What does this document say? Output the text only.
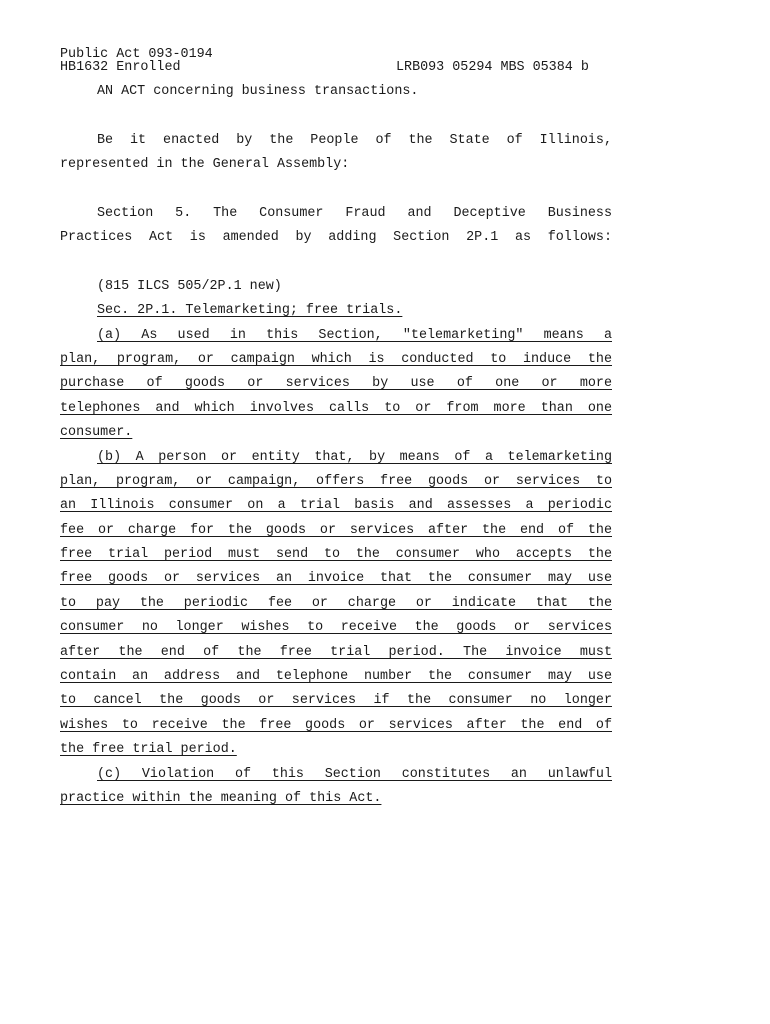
Public Act 093-0194
HB1632 Enrolled	LRB093 05294 MBS 05384 b
AN ACT concerning business transactions.
Be it enacted by the People of the State of Illinois,
represented in the General Assembly:
Section 5. The Consumer Fraud and Deceptive Business
Practices Act is amended by adding Section 2P.1 as follows:
(815 ILCS 505/2P.1 new)
Sec. 2P.1. Telemarketing; free trials.
(a) As used in this Section, "telemarketing" means a
plan, program, or campaign which is conducted to induce the
purchase of goods or services by use of one or more
telephones and which involves calls to or from more than one
consumer.
(b) A person or entity that, by means of a telemarketing
plan, program, or campaign, offers free goods or services to
an Illinois consumer on a trial basis and assesses a periodic
fee or charge for the goods or services after the end of the
free trial period must send to the consumer who accepts the
free goods or services an invoice that the consumer may use
to pay the periodic fee or charge or indicate that the
consumer no longer wishes to receive the goods or services
after the end of the free trial period. The invoice must
contain an address and telephone number the consumer may use
to cancel the goods or services if the consumer no longer
wishes to receive the free goods or services after the end of
the free trial period.
(c) Violation of this Section constitutes an unlawful
practice within the meaning of this Act.
